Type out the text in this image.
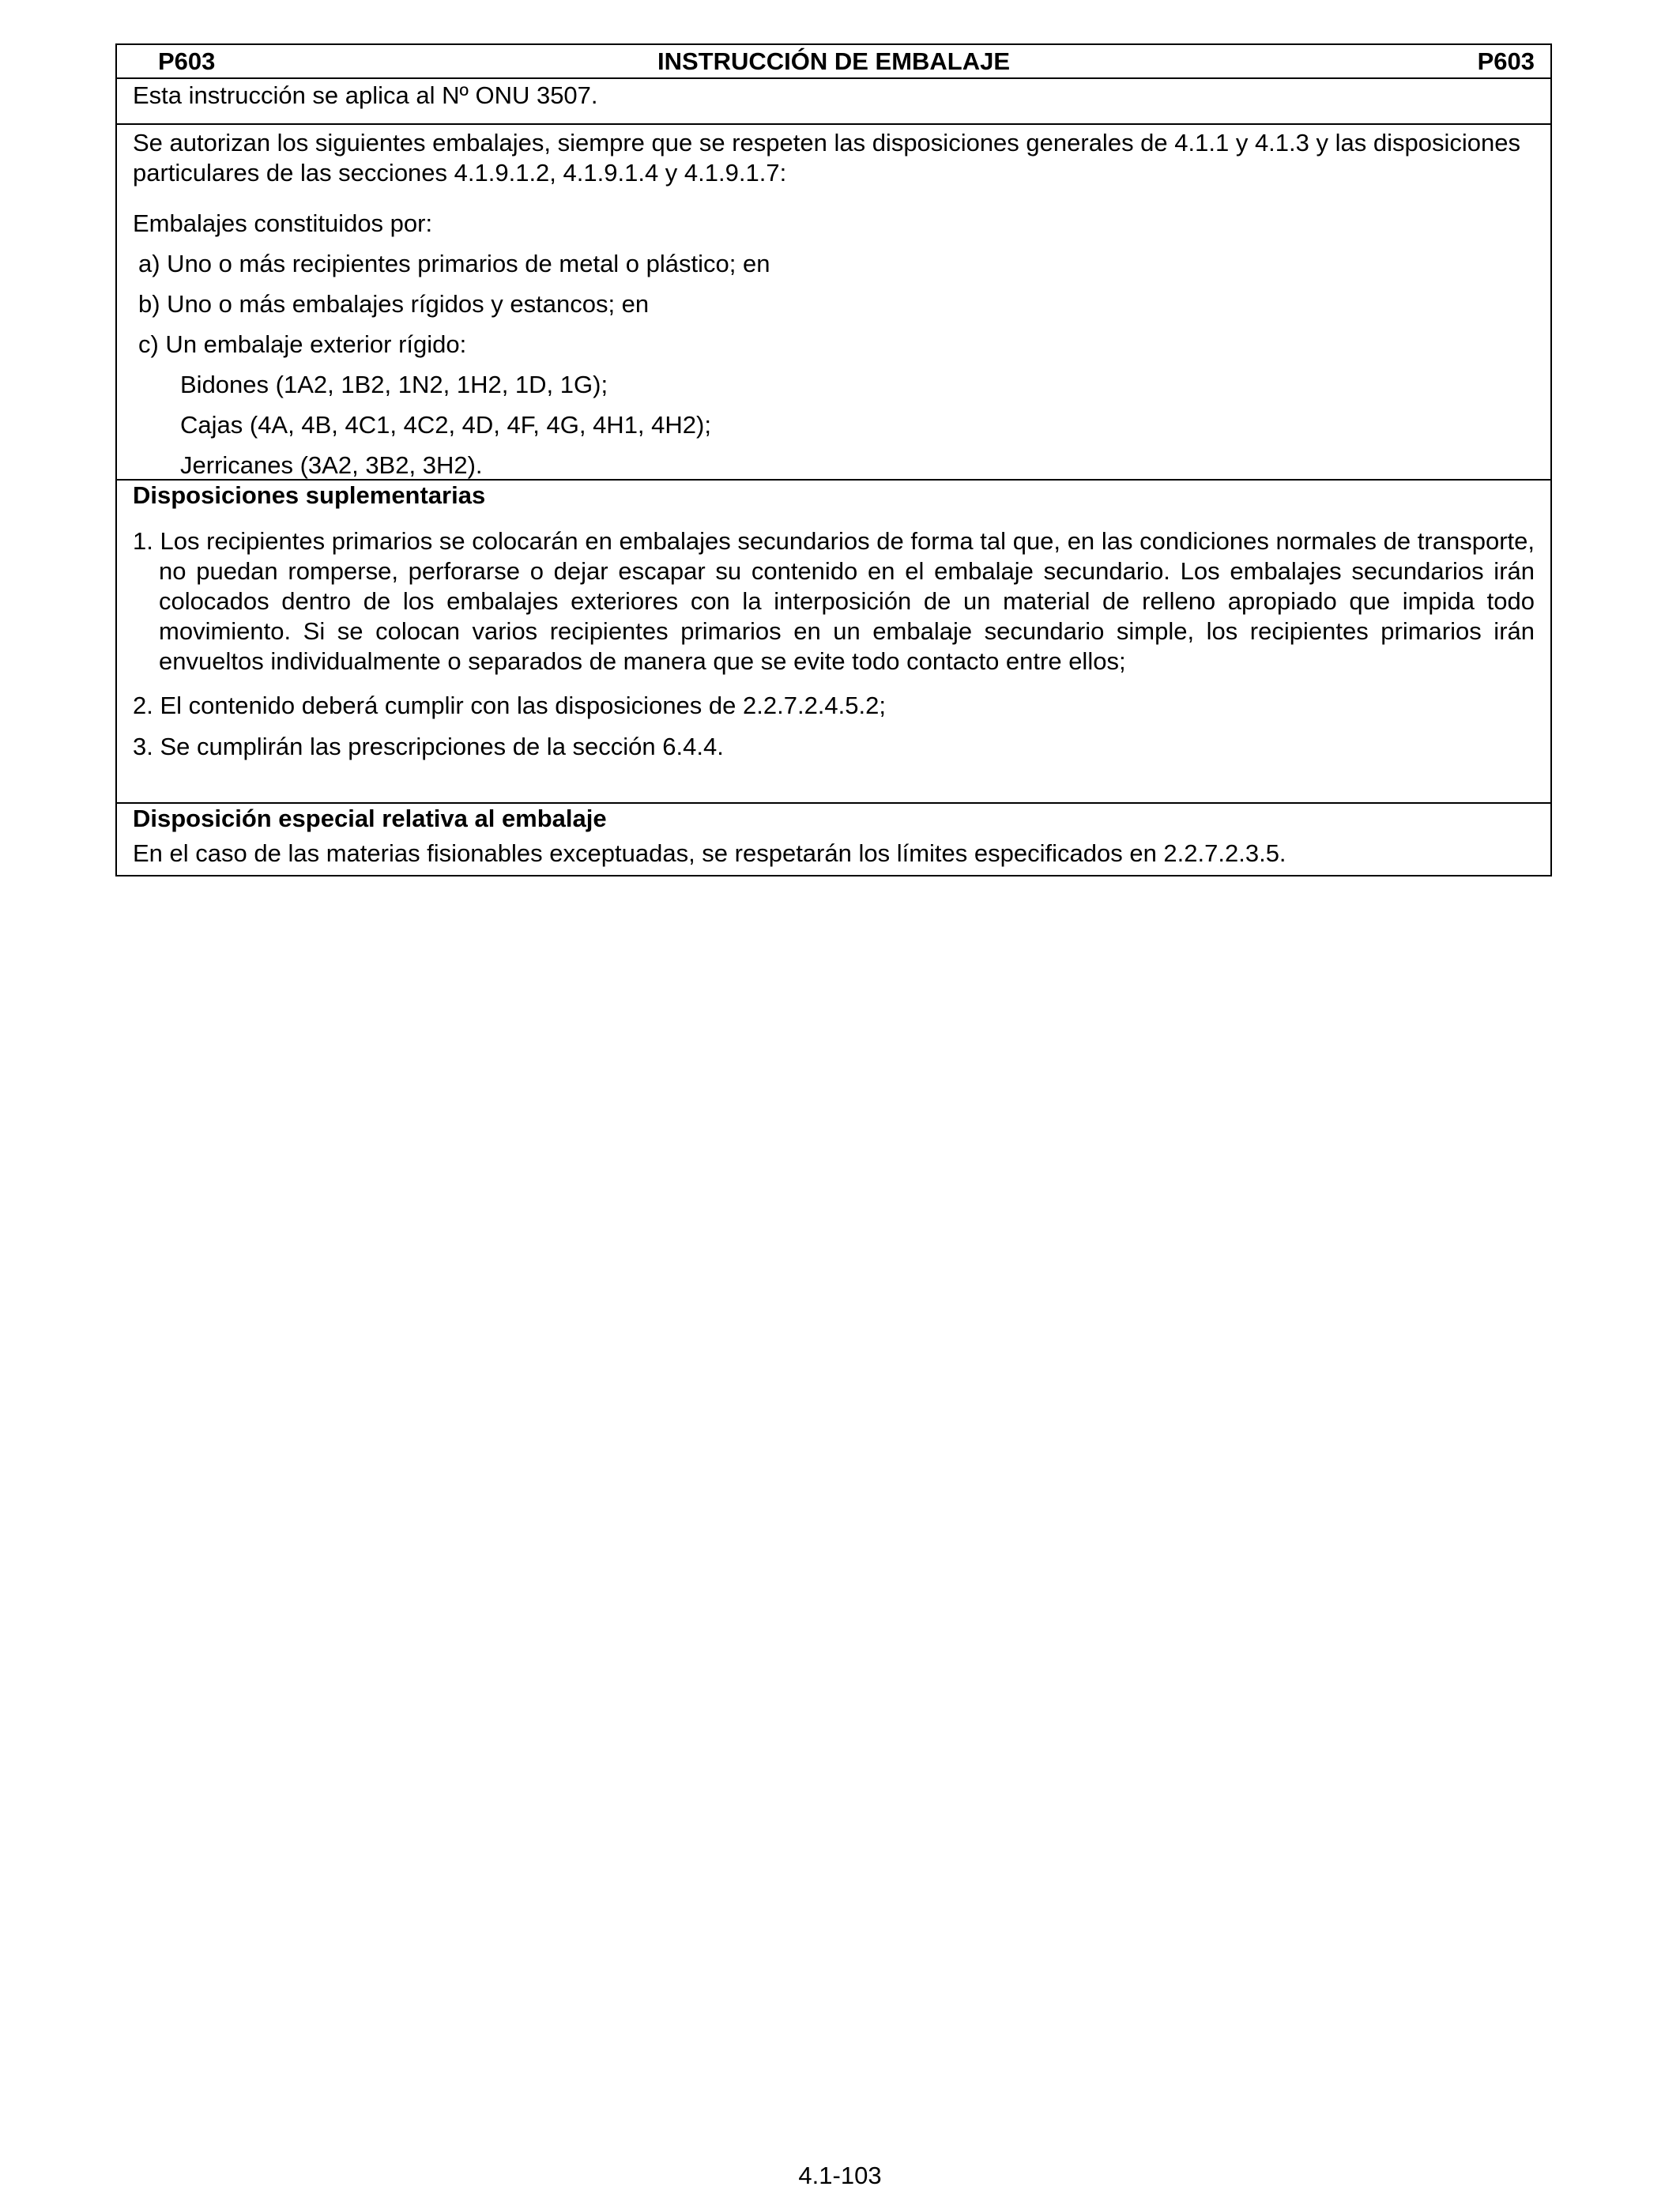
INSTRUCCIÓN DE EMBALAJE
P603	P603

Esta instrucción se aplica al Nº ONU 3507.

Se autorizan los siguientes embalajes, siempre que se respeten las disposiciones generales de 4.1.1 y 4.1.3 y las disposiciones particulares de las secciones 4.1.9.1.2, 4.1.9.1.4 y 4.1.9.1.7:

Embalajes constituidos por:

a) Uno o más recipientes primarios de metal o plástico; en

b) Uno o más embalajes rígidos y estancos; en

c) Un embalaje exterior rígido:

Bidones (1A2, 1B2, 1N2, 1H2, 1D, 1G);

Cajas (4A, 4B, 4C1, 4C2, 4D, 4F, 4G, 4H1, 4H2);

Jerricanes (3A2, 3B2, 3H2).

Disposiciones suplementarias

1. Los recipientes primarios se colocarán en embalajes secundarios de forma tal que, en las condiciones normales de transporte, no puedan romperse, perforarse o dejar escapar su contenido en el embalaje secundario. Los embalajes secundarios irán colocados dentro de los embalajes exteriores con la interposición de un material de relleno apropiado que impida todo movimiento. Si se colocan varios recipientes primarios en un embalaje secundario simple, los recipientes primarios irán envueltos individualmente o separados de manera que se evite todo contacto entre ellos;

2. El contenido deberá cumplir con las disposiciones de 2.2.7.2.4.5.2;

3. Se cumplirán las prescripciones de la sección 6.4.4.

Disposición especial relativa al embalaje

En el caso de las materias fisionables exceptuadas, se respetarán los límites especificados en 2.2.7.2.3.5.

4.1-103
